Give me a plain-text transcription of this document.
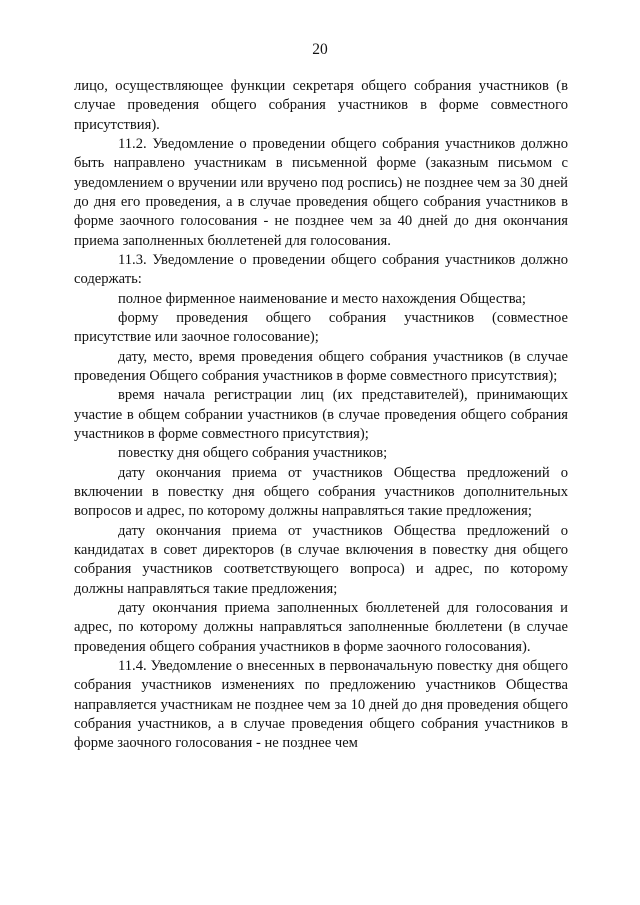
20

лицо, осуществляющее функции секретаря общего собрания участников (в случае проведения общего собрания участников в форме совместного присутствия).

11.2. Уведомление о проведении общего собрания участников должно быть направлено участникам в письменной форме (заказным письмом с уведомлением о вручении или вручено под роспись) не позднее чем за 30 дней до дня его проведения, а в случае проведения общего собрания участников в форме заочного голосования - не позднее чем за 40 дней до дня окончания приема заполненных бюллетеней для голосования.

11.3. Уведомление о проведении общего собрания участников должно содержать:

полное фирменное наименование и место нахождения Общества;

форму проведения общего собрания участников (совместное присутствие или заочное голосование);

дату, место, время проведения общего собрания участников (в случае проведения Общего собрания участников в форме совместного присутствия);

время начала регистрации лиц (их представителей), принимающих участие в общем собрании участников (в случае проведения общего собрания участников в форме совместного присутствия);

повестку дня общего собрания участников;

дату окончания приема от участников Общества предложений о включении в повестку дня общего собрания участников дополнительных вопросов и адрес, по которому должны направляться такие предложения;

дату окончания приема от участников Общества предложений о кандидатах в совет директоров (в случае включения в повестку дня общего собрания участников соответствующего вопроса) и адрес, по которому должны направляться такие предложения;

дату окончания приема заполненных бюллетеней для голосования и адрес, по которому должны направляться заполненные бюллетени (в случае проведения общего собрания участников в форме заочного голосования).

11.4. Уведомление о внесенных в первоначальную повестку дня общего собрания участников изменениях по предложению участников Общества направляется участникам не позднее чем за 10 дней до дня проведения общего собрания участников, а в случае проведения общего собрания участников в форме заочного голосования - не позднее чем
